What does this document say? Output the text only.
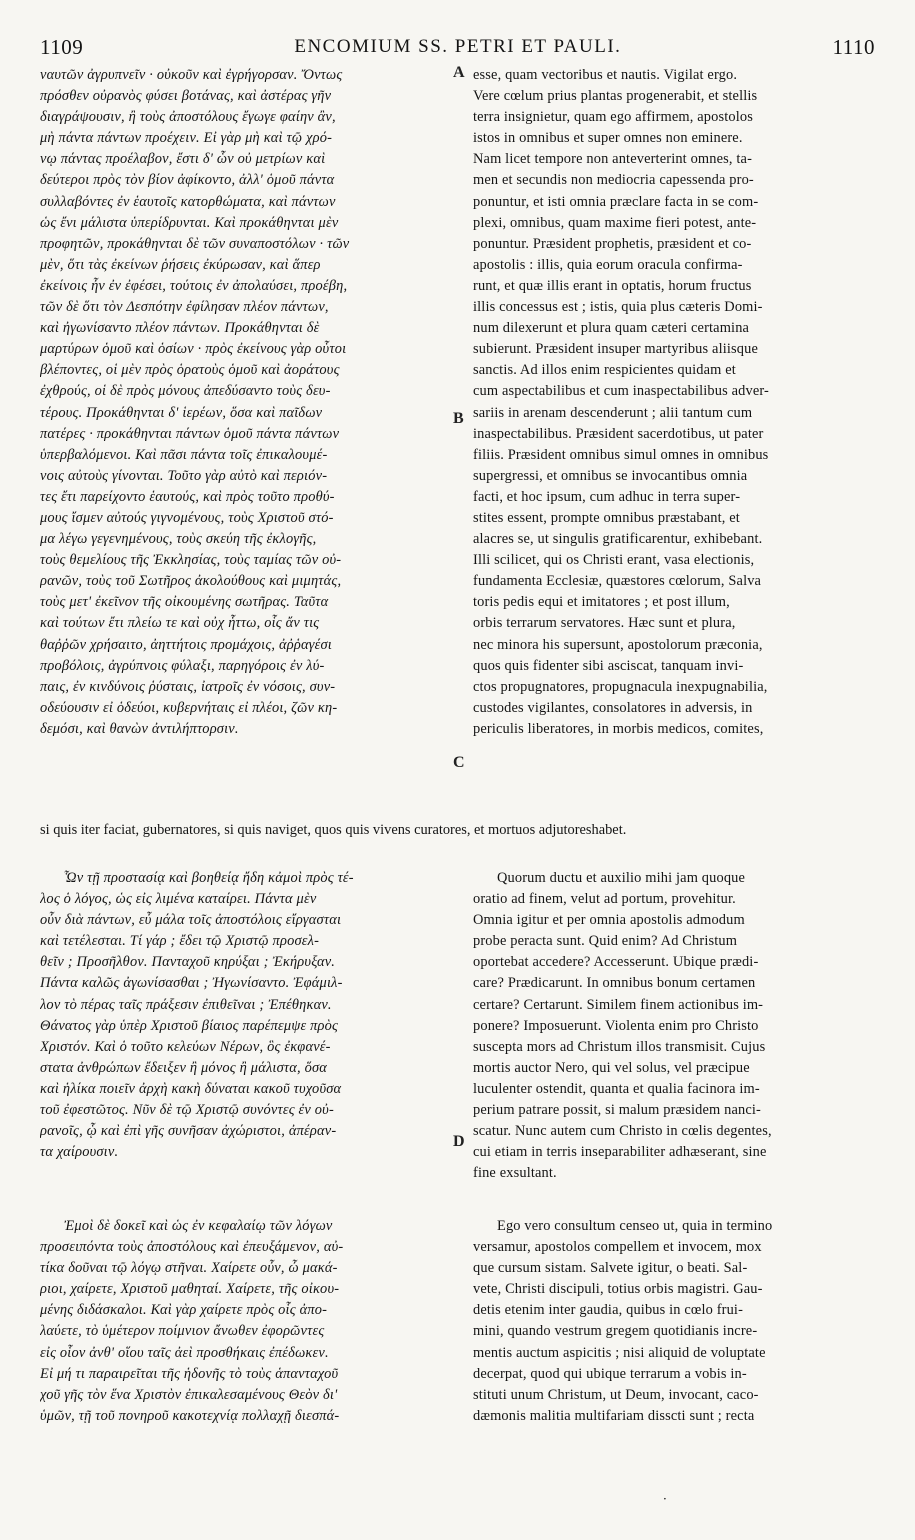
1109	ENCOMIUM SS. PETRI ET PAULI.	1110
A
B
C
D
ναυτῶν ἀγρυπνεῖν · οὐκοῦν καὶ ἐγρήγορσαν. Ὄντως
πρόσθεν οὐρανὸς φύσει βοτάνας, καὶ ἀστέρας γῆν
διαγράψουσιν, ἢ τοὺς ἀποστόλους ἔγωγε φαίην ἂν,
μὴ πάντα πάντων προέχειν. Εἰ γὰρ μὴ καὶ τῷ χρό-
νῳ πάντας προέλαβον, ἔστι δ' ὧν οὐ μετρίων καὶ
δεύτεροι πρὸς τὸν βίον ἀφίκοντο, ἀλλ' ὁμοῦ πάντα
συλλαβόντες ἐν ἑαυτοῖς κατορθώματα, καὶ πάντων
ὡς ἔνι μάλιστα ὑπερίδρυνται. Καὶ προκάθηνται μὲν
προφητῶν, προκάθηνται δὲ τῶν συναποστόλων · τῶν
μὲν, ὅτι τὰς ἐκείνων ῥήσεις ἐκύρωσαν, καὶ ἅπερ
ἐκείνοις ἦν ἐν ἐφέσει, τούτοις ἐν ἀπολαύσει, προέβη,
τῶν δὲ ὅτι τὸν Δεσπότην ἐφίλησαν πλέον πάντων,
καὶ ἠγωνίσαντο πλέον πάντων. Προκάθηνται δὲ
μαρτύρων ὁμοῦ καὶ ὁσίων · πρὸς ἐκείνους γὰρ οὗτοι
βλέποντες, οἱ μὲν πρὸς ὁρατοὺς ὁμοῦ καὶ ἀοράτους
ἐχθρούς, οἱ δὲ πρὸς μόνους ἀπεδύσαντο τοὺς δευ-
τέρους. Προκάθηνται δ' ἱερέων, ὅσα καὶ παῖδων
πατέρες · προκάθηνται πάντων ὁμοῦ πάντα πάντων
ὑπερβαλόμενοι. Καὶ πᾶσι πάντα τοῖς ἐπικαλουμέ-
νοις αὐτοὺς γίνονται. Τοῦτο γὰρ αὐτὸ καὶ περιόν-
τες ἔτι παρείχοντο ἑαυτούς, καὶ πρὸς τοῦτο προθύ-
μους ἴσμεν αὐτούς γιγνομένους, τοὺς Χριστοῦ στό-
μα λέγω γεγενημένους, τοὺς σκεύη τῆς ἐκλογῆς,
τοὺς θεμελίους τῆς Ἐκκλησίας, τοὺς ταμίας τῶν οὐ-
ρανῶν, τοὺς τοῦ Σωτῆρος ἀκολούθους καὶ μιμητάς,
τοὺς μετ' ἐκεῖνον τῆς οἰκουμένης σωτῆρας. Ταῦτα
καὶ τούτων ἔτι πλείω τε καὶ οὐχ ἧττω, οἷς ἄν τις
θαῤῥῶν χρήσαιτο, ἀηττήτοις προμάχοις, ἀῤῥαγέσι
προβόλοις, ἀγρύπνοις φύλαξι, παρηγόροις ἐν λύ-
παις, ἐν κινδύνοις ῥύσταις, ἰατροῖς ἐν νόσοις, συν-
οδεύουσιν εἰ ὁδεύοι, κυβερνήταις εἰ πλέοι, ζῶν κη-
δεμόσι, καὶ θανὼν ἀντιλήπτορσιν.
esse, quam vectoribus et nautis. Vigilat ergo.
Vere cœlum prius plantas progenerabit, et stellis
terra insignietur, quam ego affirmem, apostolos
istos in omnibus et super omnes non eminere.
Nam licet tempore non anteverterint omnes, ta-
men et secundis non mediocria capessenda pro-
ponuntur, et isti omnia præclare facta in se com-
plexi, omnibus, quam maxime fieri potest, ante-
ponuntur. Præsident prophetis, præsident et co-
apostolis : illis, quia eorum oracula confirma-
runt, et quæ illis erant in optatis, horum fructus
illis concessus est ; istis, quia plus cæteris Domi-
num dilexerunt et plura quam cæteri certamina
subierunt. Præsident insuper martyribus aliisque
sanctis. Ad illos enim respicientes quidam et
cum aspectabilibus et cum inaspectabilibus adver-
sariis in arenam descenderunt ; alii tantum cum
inaspectabilibus. Præsident sacerdotibus, ut pater
filiis. Præsident omnibus simul omnes in omnibus
supergressi, et omnibus se invocantibus omnia
facti, et hoc ipsum, cum adhuc in terra super-
stites essent, prompte omnibus præstabant, et
alacres se, ut singulis gratificarentur, exhibebant.
Illi scilicet, qui os Christi erant, vasa electionis,
fundamenta Ecclesiæ, quæstores cœlorum, Salva
toris pedis equi et imitatores ; et post illum,
orbis terrarum servatores. Hæc sunt et plura,
nec minora his supersunt, apostolorum præconia,
quos quis fidenter sibi asciscat, tanquam invi-
ctos propugnatores, propugnacula inexpugnabilia,
custodes vigilantes, consolatores in adversis, in
periculis liberatores, in morbis medicos, comites,
si quis iter faciat, gubernatores, si quis naviget, quos quis vivens curatores, et mortuos adjutoreshabet.
Ὧν τῇ προστασίᾳ καὶ βοηθείᾳ ἤδη κἀμοὶ πρὸς τέ-
λος ὁ λόγος, ὡς εἰς λιμένα καταίρει. Πάντα μὲν
οὖν διὰ πάντων, εὖ μάλα τοῖς ἀποστόλοις εἴργασται
καὶ τετέλεσται. Τί γάρ ; ἔδει τῷ Χριστῷ προσελ-
θεῖν ; Προσῆλθον. Πανταχοῦ κηρύξαι ; Ἐκήρυξαν.
Πάντα καλῶς ἀγωνίσασθαι ; Ἠγωνίσαντο. Ἐφάμιλ-
λον τὸ πέρας ταῖς πράξεσιν ἐπιθεῖναι ; Ἐπέθηκαν.
Θάνατος γὰρ ὑπὲρ Χριστοῦ βίαιος παρέπεμψε πρὸς
Χριστόν. Καὶ ὁ τοῦτο κελεύων Νέρων, ὃς ἐκφανέ-
στατα ἀνθρώπων ἔδειξεν ἢ μόνος ἢ μάλιστα, ὅσα
καὶ ἡλίκα ποιεῖν ἀρχὴ κακὴ δύναται κακοῦ τυχοῦσα
τοῦ ἐφεστῶτος. Νῦν δὲ τῷ Χριστῷ συνόντες ἐν οὐ-
ρανοῖς, ᾧ καὶ ἐπὶ γῆς συνῆσαν ἀχώριστοι, ἀπέραν-
τα χαίρουσιν.
Quorum ductu et auxilio mihi jam quoque
oratio ad finem, velut ad portum, provehitur.
Omnia igitur et per omnia apostolis admodum
probe peracta sunt. Quid enim? Ad Christum
oportebat accedere? Accesserunt. Ubique prædi-
care? Prædicarunt. In omnibus bonum certamen
certare? Certarunt. Similem finem actionibus im-
ponere? Imposuerunt. Violenta enim pro Christo
suscepta mors ad Christum illos transmisit. Cujus
mortis auctor Nero, qui vel solus, vel præcipue
luculenter ostendit, quanta et qualia facinora im-
perium patrare possit, si malum præsidem nanci-
scatur. Nunc autem cum Christo in cœlis degentes,
cui etiam in terris inseparabiliter adhæserant, sine
fine exsultant.
Ἐμοὶ δὲ δοκεῖ καὶ ὡς ἐν κεφαλαίῳ τῶν λόγων
προσειπόντα τοὺς ἀποστόλους καὶ ἐπευξάμενον, αὐ-
τίκα δοῦναι τῷ λόγῳ στῆναι. Χαίρετε οὖν, ὦ μακά-
ριοι, χαίρετε, Χριστοῦ μαθηταί. Χαίρετε, τῆς οἰκου-
μένης διδάσκαλοι. Καὶ γὰρ χαίρετε πρὸς οἷς ἀπο-
λαύετε, τὸ ὑμέτερον ποίμνιον ἄνωθεν ἐφορῶντες
εἰς οἷον ἀνθ' οἵου ταῖς ἀεὶ προσθήκαις ἐπέδωκεν.
Εἰ μή τι παραιρεῖται τῆς ἡδονῆς τὸ τοὺς ἁπανταχοῦ
χοῦ γῆς τὸν ἕνα Χριστὸν ἐπικαλεσαμένους Θεὸν δι'
ὑμῶν, τῇ τοῦ πονηροῦ κακοτεχνίᾳ πολλαχῇ διεσπά-
Ego vero consultum censeo ut, quia in termino
versamur, apostolos compellem et invocem, mox
que cursum sistam. Salvete igitur, o beati. Sal-
vete, Christi discipuli, totius orbis magistri. Gau-
detis etenim inter gaudia, quibus in cœlo frui-
mini, quando vestrum gregem quotidianis incre-
mentis auctum aspicitis ; nisi aliquid de voluptate
decerpat, quod qui ubique terrarum a vobis in-
stituti unum Christum, ut Deum, invocant, caco-
dæmonis malitia multifariam disscti sunt ; recta
·
